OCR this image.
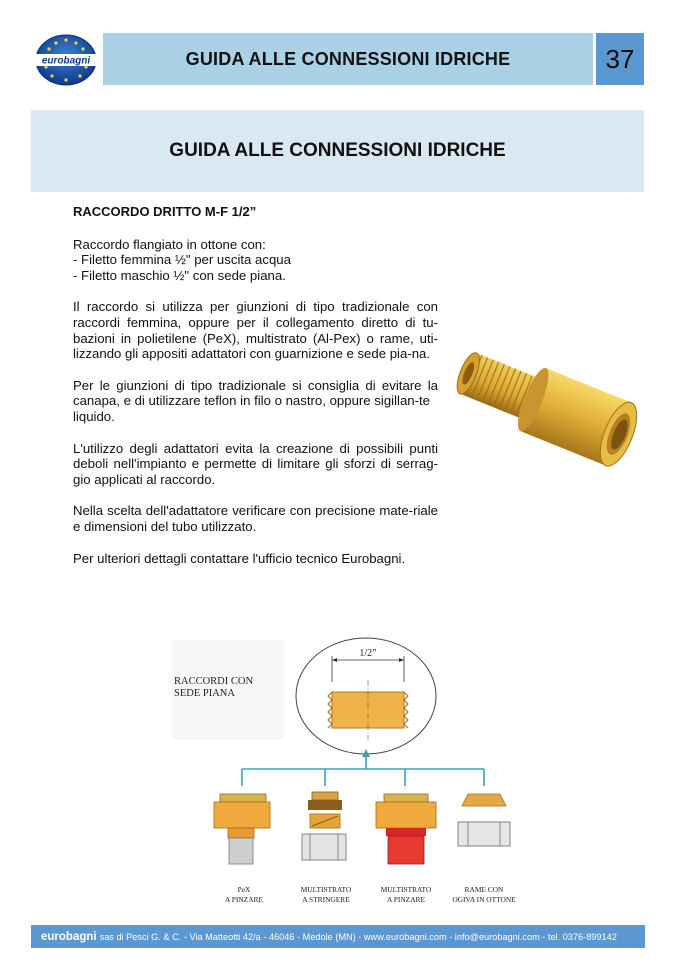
eurobagni	GUIDA ALLE CONNESSIONI IDRICHE	37
GUIDA ALLE CONNESSIONI IDRICHE
RACCORDO DRITTO M-F 1/2”

Raccordo flangiato in ottone con:
- Filetto femmina ½" per uscita acqua
- Filetto maschio ½" con sede piana.

Il raccordo si utilizza per giunzioni di tipo tradizionale con raccordi femmina, oppure per il collegamento diretto di tu-bazioni in polietilene (PeX), multistrato (Al-Pex) o rame, uti-lizzando gli appositi adattatori con guarnizione e sede pia-na.

Per le giunzioni di tipo tradizionale si consiglia di evitare la canapa, e di utilizzare teflon in filo o nastro, oppure sigillan-te

liquido.

L'utilizzo degli adattatori evita la creazione di possibili punti deboli nell'impianto e permette di limitare gli sforzi di serrag-gio applicati al raccordo.

Nella scelta dell'adattatore verificare con precisione mate-riale e dimensioni del tubo utilizzato.

Per ulteriori dettagli contattare l'ufficio tecnico Eurobagni.

RACCORDI CON
SEDE PIANA
1/2”
PeX
A PINZARE
MULTISTRATO
A STRINGERE
MULTISTRATO
A PINZARE
RAME CON
OGIVA IN OTTONE
eurobagni sas di Pesci G. & C. - Via Matteotti 42/a - 46046 - Medole (MN) - www.eurobagni.com - info@eurobagni.com - tel. 0376-899142
